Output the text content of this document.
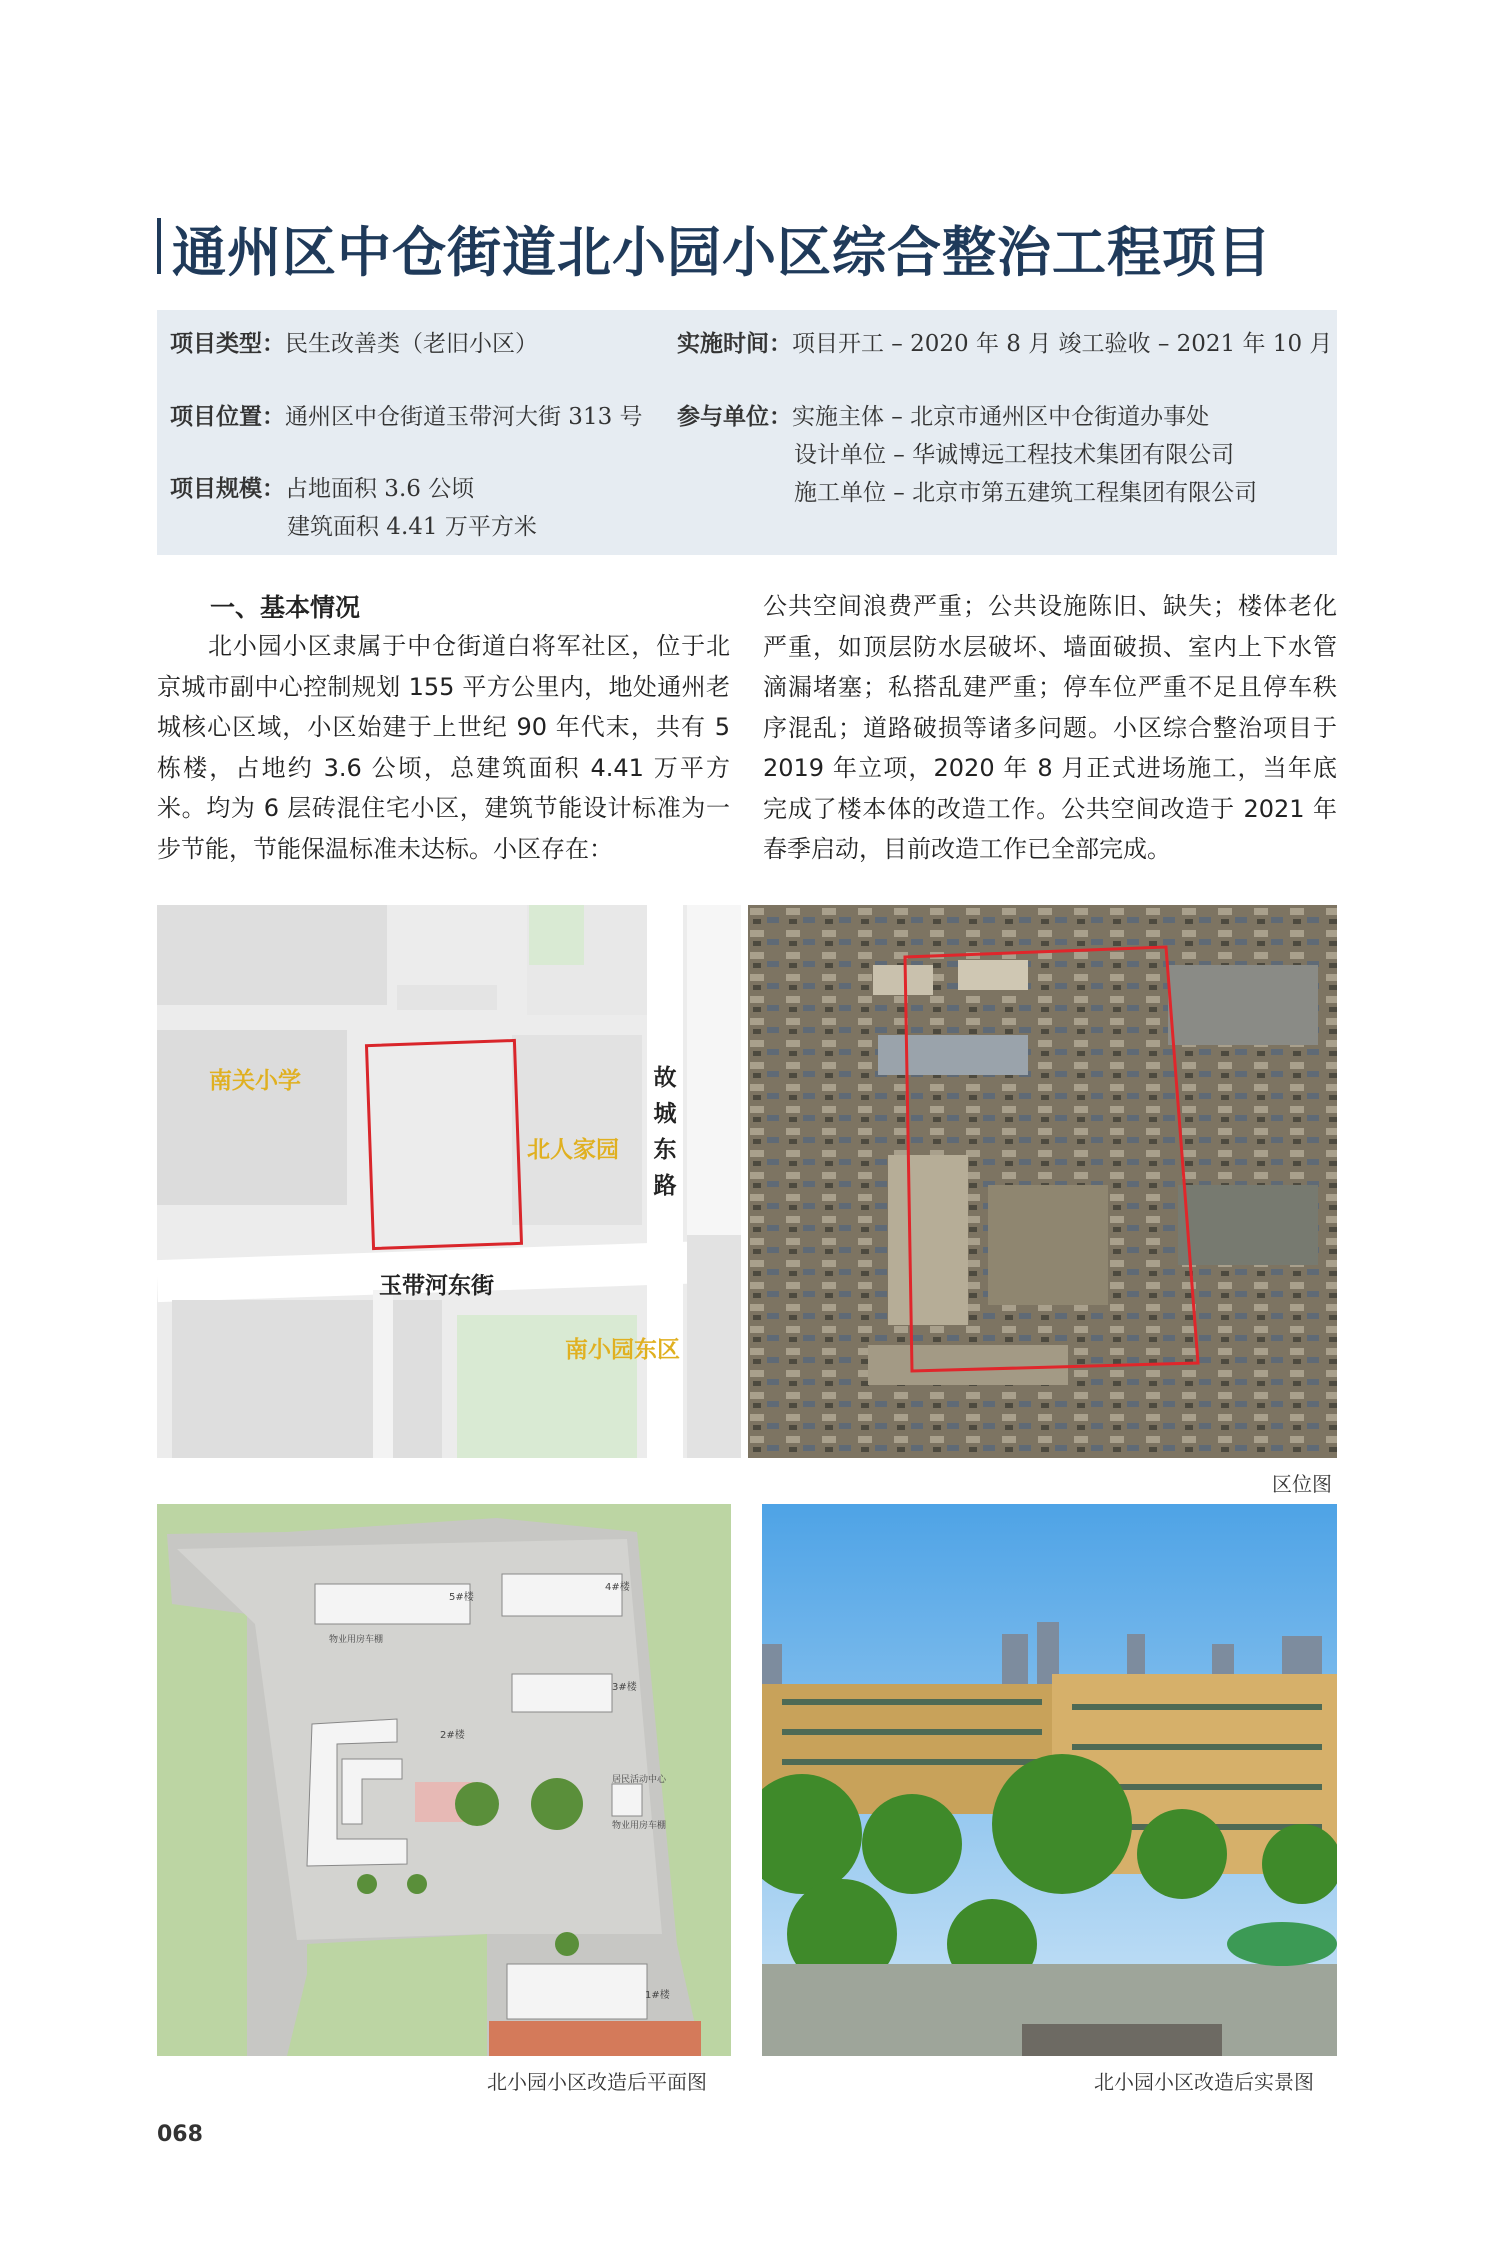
通州区中仓街道北小园小区综合整治工程项目
项目类型：民生改善类（老旧小区）	实施时间：项目开工 – 2020 年 8 月 竣工验收 – 2021 年 10 月
项目位置：通州区中仓街道玉带河大街 313 号 参与单位：实施主体 – 北京市通州区中仓街道办事处
设计单位 – 华诚博远工程技术集团有限公司
施工单位 – 北京市第五建筑工程集团有限公司
项目规模：占地面积 3.6 公顷
建筑面积 4.41 万平方米
一、基本情况
北小园小区隶属于中仓街道白将军社区，位于北京城市副中心控制规划 155 平方公里内，地处通州老城核心区域，小区始建于上世纪 90 年代末，共有 5 栋楼，占地约 3.6 公顷，总建筑面积 4.41 万平方米。均为 6 层砖混住宅小区，建筑节能设计标准为一步节能，节能保温标准未达标。小区存在：
公共空间浪费严重；公共设施陈旧、缺失；楼体老化严重，如顶层防水层破坏、墙面破损、室内上下水管滴漏堵塞；私搭乱建严重；停车位严重不足且停车秩序混乱；道路破损等诸多问题。小区综合整治项目于 2019 年立项，2020 年 8 月正式进场施工，当年底完成了楼本体的改造工作。公共空间改造于 2021 年春季启动，目前改造工作已全部完成。
南关小学
北人家园
南小园东区
故城东路
玉带河东街
区位图
5#楼
4#楼
3#楼
2#楼
1#楼
物业用房车棚
物业用房车棚
居民活动中心
北小园小区改造后平面图	北小园小区改造后实景图
068
